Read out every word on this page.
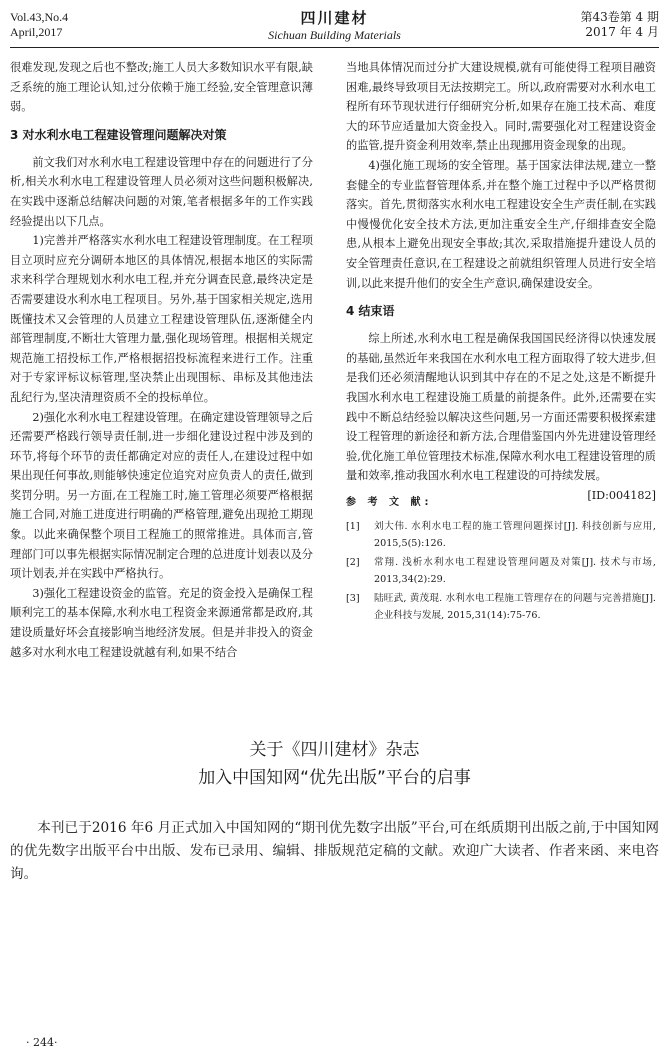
Vol.43,No.4
April,2017
四川建材
Sichuan Building Materials
第43卷第 4 期
2017 年 4 月

很难发现,发现之后也不整改;施工人员大多数知识水平有限,缺乏系统的施工理论认知,过分依赖于施工经验,安全管理意识薄弱。

3 对水利水电工程建设管理问题解决对策

前文我们对水利水电工程建设管理中存在的问题进行了分析,相关水利水电工程建设管理人员必须对这些问题积极解决,在实践中逐渐总结解决问题的对策,笔者根据多年的工作实践经验提出以下几点。

1)完善并严格落实水利水电工程建设管理制度。在工程项目立项时应充分调研本地区的具体情况,根据本地区的实际需求来科学合理规划水利水电工程,并充分调查民意,最终决定是否需要建设水利水电工程项目。另外,基于国家相关规定,选用既懂技术又会管理的人员建立工程建设管理队伍,逐渐健全内部管理制度,不断壮大管理力量,强化现场管理。根据相关规定规范施工招投标工作,严格根据招投标流程来进行工作。注重对于专家评标议标管理,坚决禁止出现围标、串标及其他违法乱纪行为,坚决清理资质不全的投标单位。

2)强化水利水电工程建设管理。在确定建设管理领导之后还需要严格践行领导责任制,进一步细化建设过程中涉及到的环节,将每个环节的责任都确定对应的责任人,在建设过程中如果出现任何事故,则能够快速定位追究对应负责人的责任,做到奖罚分明。另一方面,在工程施工时,施工管理必须要严格根据施工合同,对施工进度进行明确的严格管理,避免出现抢工期现象。以此来确保整个项目工程施工的照常推进。具体而言,管理部门可以事先根据实际情况制定合理的总进度计划表以及分项计划表,并在实践中严格执行。

3)强化工程建设资金的监管。充足的资金投入是确保工程顺利完工的基本保障,水利水电工程资金来源通常都是政府,其建设质量好坏会直接影响当地经济发展。但是并非投入的资金越多对水利水电工程建设就越有利,如果不结合

当地具体情况而过分扩大建设规模,就有可能使得工程项目融资困难,最终导致项目无法按期完工。所以,政府需要对水利水电工程所有环节现状进行仔细研究分析,如果存在施工技术高、难度大的环节应适量加大资金投入。同时,需要强化对工程建设资金的监管,提升资金利用效率,禁止出现挪用资金现象的出现。

4)强化施工现场的安全管理。基于国家法律法规,建立一整套健全的专业监督管理体系,并在整个施工过程中予以严格贯彻落实。首先,贯彻落实水利水电工程建设安全生产责任制,在实践中慢慢优化安全技术方法,更加注重安全生产,仔细排查安全隐患,从根本上避免出现安全事故;其次,采取措施提升建设人员的安全管理责任意识,在工程建设之前就组织管理人员进行安全培训,以此来提升他们的安全生产意识,确保建设安全。

4 结束语

综上所述,水利水电工程是确保我国国民经济得以快速发展的基础,虽然近年来我国在水利水电工程方面取得了较大进步,但是我们还必须清醒地认识到其中存在的不足之处,这是不断提升我国水利水电工程建设施工质量的前提条件。此外,还需要在实践中不断总结经验以解决这些问题,另一方面还需要积极探索建设工程管理的新途径和新方法,合理借鉴国内外先进建设管理经验,优化施工单位管理技术标准,保障水利水电工程建设管理的质量和效率,推动我国水利水电工程建设的可持续发展。
[ID:004182]

参 考 文 献:
[1]	刘大伟. 水利水电工程的施工管理问题探讨[J]. 科技创新与应用, 2015,5(5):126.
[2]	常翔. 浅析水利水电工程建设管理问题及对策[J]. 技术与市场, 2013,34(2):29.
[3]	陆旺武, 黄茂琨. 水利水电工程施工管理存在的问题与完善措施[J]. 企业科技与发展, 2015,31(14):75-76.
关于《四川建材》杂志
加入中国知网“优先出版”平台的启事
本刊已于2016 年6 月正式加入中国知网的“期刊优先数字出版”平台,可在纸质期刊出版之前,于中国知网的优先数字出版平台中出版、发布已录用、编辑、排版规范定稿的文献。欢迎广大读者、作者来函、来电咨询。
· 244·
